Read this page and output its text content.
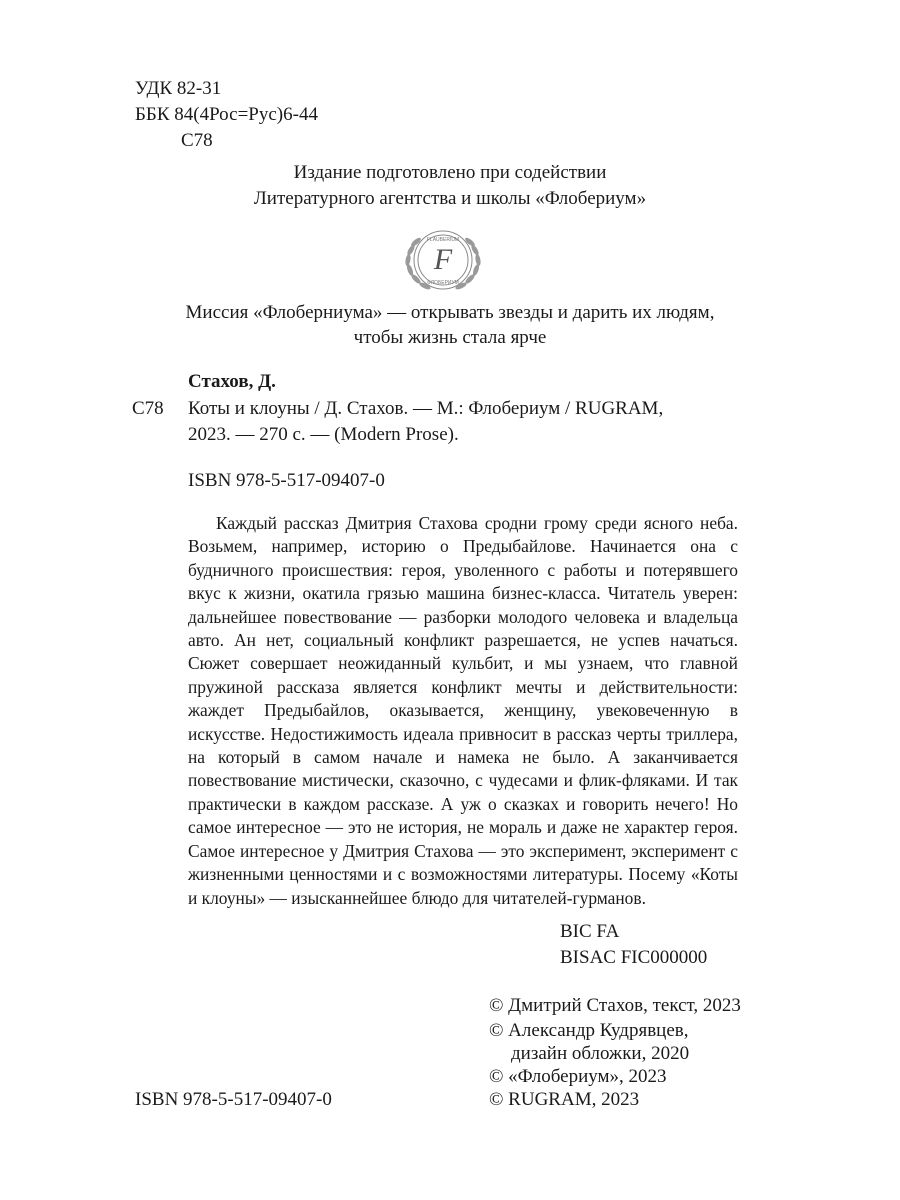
УДК 82-31
ББК 84(4Рос=Рус)6-44
С78
Издание подготовлено при содействии
Литературного агентства и школы «Флобериум»
F
FLAUBERIUM
ФЛОБЕРИУМ
Миссия «Флоберниума» — открывать звезды и дарить их людям,
чтобы жизнь стала ярче
Стахов, Д.
С78 Коты и клоуны / Д. Стахов. — М.: Флобериум / RUGRAM,
2023. — 270 с. — (Modern Prose).
ISBN 978-5-517-09407-0
Каждый рассказ Дмитрия Стахова сродни грому среди ясного неба. Возьмем, например, историю о Предыбайлове. Начинается она с будничного происшествия: героя, уволенного с работы и потерявшего вкус к жизни, окатила грязью машина бизнес-класса. Читатель уверен: дальнейшее повествование — разборки молодого человека и владельца авто. Ан нет, социальный конфликт разрешается, не успев начаться. Сюжет совершает неожиданный кульбит, и мы узнаем, что главной пружиной рассказа является конфликт мечты и действительности: жаждет Предыбайлов, оказывается, женщину, увековеченную в искусстве. Недостижимость идеала привносит в рассказ черты триллера, на который в самом начале и намека не было. А заканчивается повествование мистически, сказочно, с чудесами и флик-фляками. И так практически в каждом рассказе. А уж о сказках и говорить нечего! Но самое интересное — это не история, не мораль и даже не характер героя. Самое интересное у Дмитрия Стахова — это эксперимент, эксперимент с жизненными ценностями и с возможностями литературы. Посему «Коты и клоуны» — изысканнейшее блюдо для читателей-гурманов.
BIC FA
BISAC FIC000000
© Дмитрий Стахов, текст, 2023
© Александр Кудрявцев,
дизайн обложки, 2020
© «Флобериум», 2023
© RUGRAM, 2023
ISBN 978-5-517-09407-0
